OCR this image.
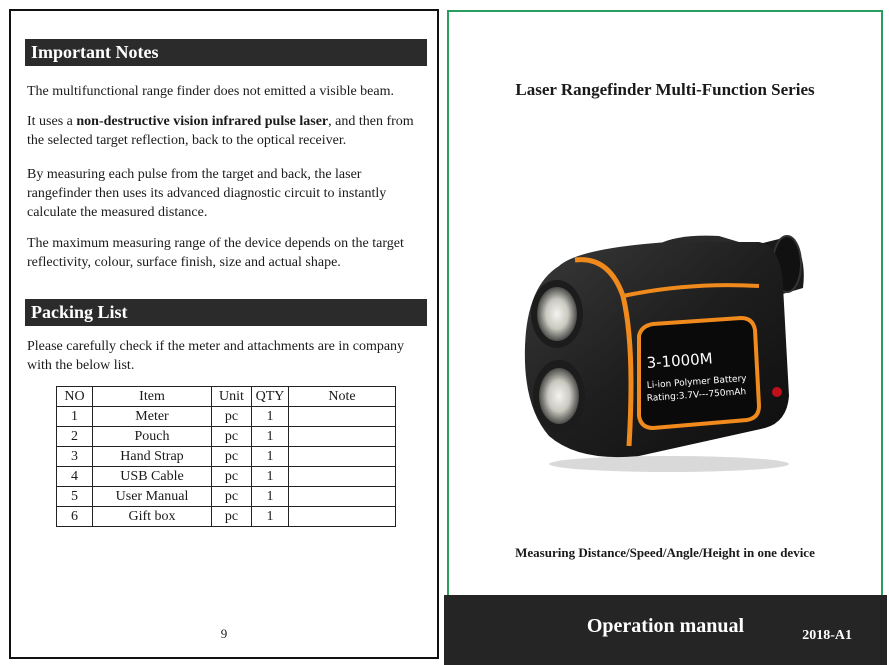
Important Notes
The multifunctional range finder does not emitted a visible beam.
It uses a non-destructive vision infrared pulse laser, and then from the selected target reflection, back to the optical receiver.
By measuring each pulse from the target and back, the laser rangefinder then uses its advanced diagnostic circuit to instantly calculate the measured distance.
The maximum measuring range of the device depends on the target reflectivity, colour, surface finish, size and actual shape.
Packing List
Please carefully check if the meter and attachments are in company with the below list.
NO	Item	Unit	QTY	Note
1	Meter	pc	1	
2	Pouch	pc	1	
3	Hand Strap	pc	1	
4	USB Cable	pc	1	
5	User Manual	pc	1	
6	Gift box	pc	1	
9
Laser Rangefinder Multi-Function Series
3-1000M
Li-ion Polymer Battery
Rating:3.7V---750mAh
Measuring Distance/Speed/Angle/Height in one device
Operation manual	2018-A1
